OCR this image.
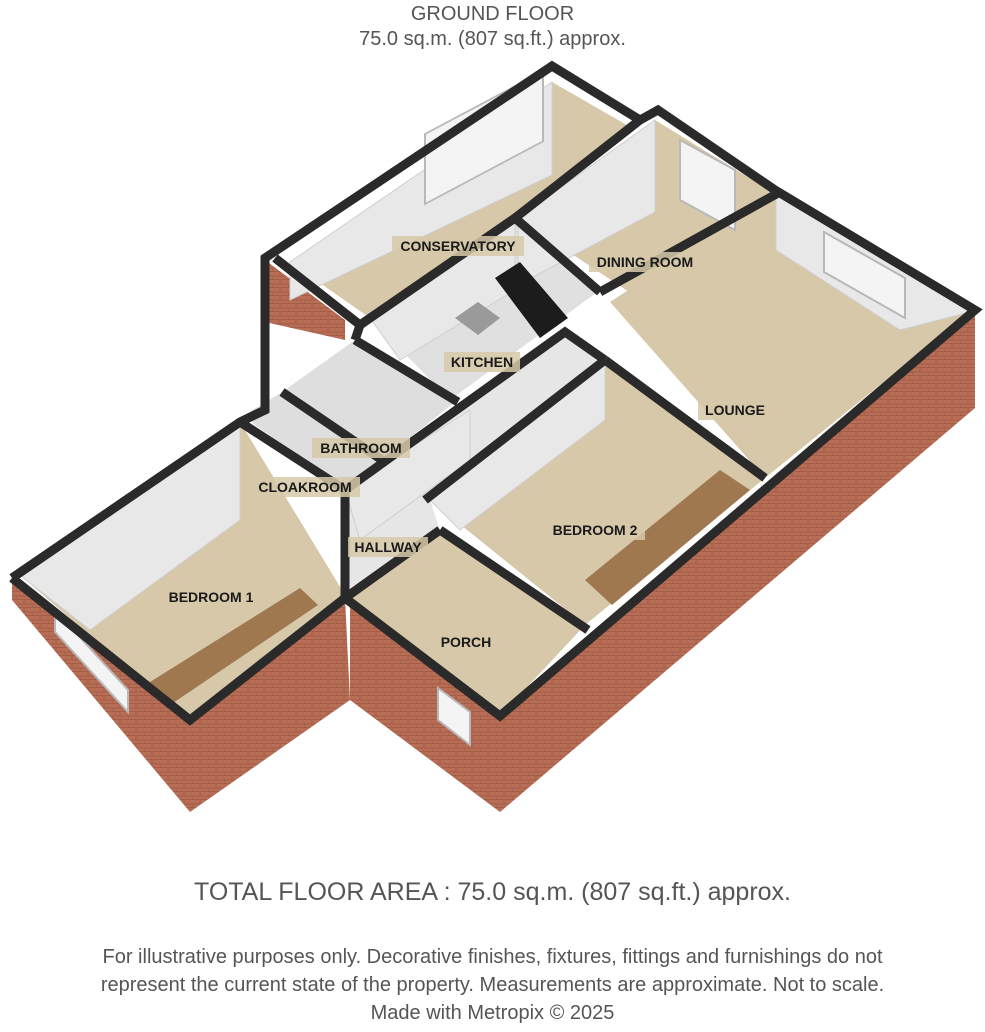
GROUND FLOOR
75.0 sq.m. (807 sq.ft.) approx.
CONSERVATORY
DINING ROOM
KITCHEN
LOUNGE
BATHROOM
CLOAKROOM
HALLWAY
BEDROOM 2
BEDROOM 1
PORCH
TOTAL FLOOR AREA : 75.0 sq.m. (807 sq.ft.) approx.
For illustrative purposes only. Decorative finishes, fixtures, fittings and furnishings do not
represent the current state of the property. Measurements are approximate. Not to scale.
Made with Metropix © 2025
